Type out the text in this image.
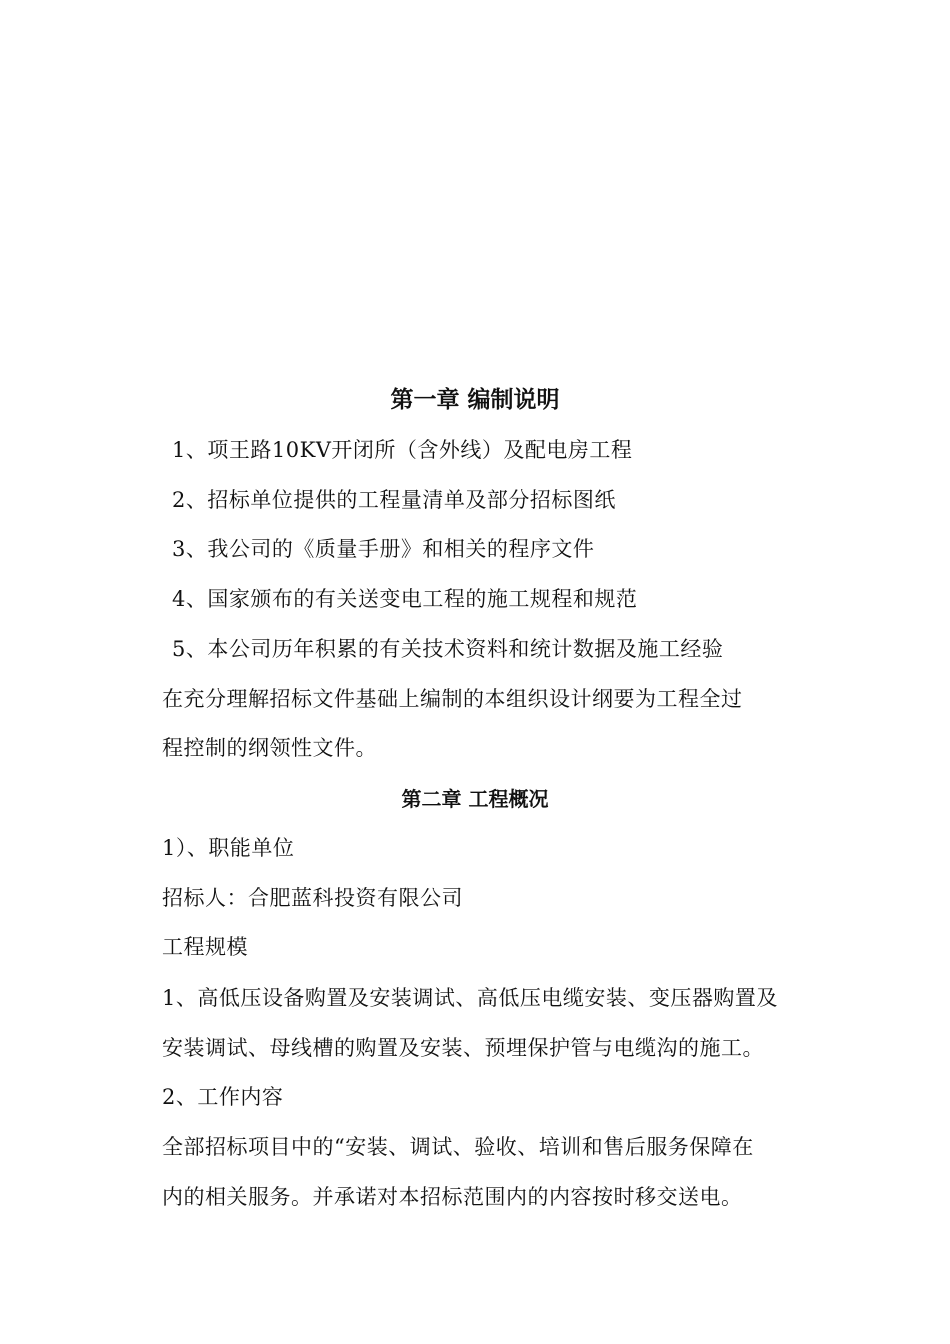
第一章 编制说明
1、项王路10KV开闭所（含外线）及配电房工程
2、招标单位提供的工程量清单及部分招标图纸
3、我公司的《质量手册》和相关的程序文件
4、国家颁布的有关送变电工程的施工规程和规范
5、本公司历年积累的有关技术资料和统计数据及施工经验
在充分理解招标文件基础上编制的本组织设计纲要为工程全过
程控制的纲领性文件。
第二章 工程概况
1）、职能单位
招标人：合肥蓝科投资有限公司
工程规模
1、高低压设备购置及安装调试、高低压电缆安装、变压器购置及
安装调试、母线槽的购置及安装、预埋保护管与电缆沟的施工。
2、工作内容
全部招标项目中的“安装、调试、验收、培训和售后服务保障在
内的相关服务。并承诺对本招标范围内的内容按时移交送电。
